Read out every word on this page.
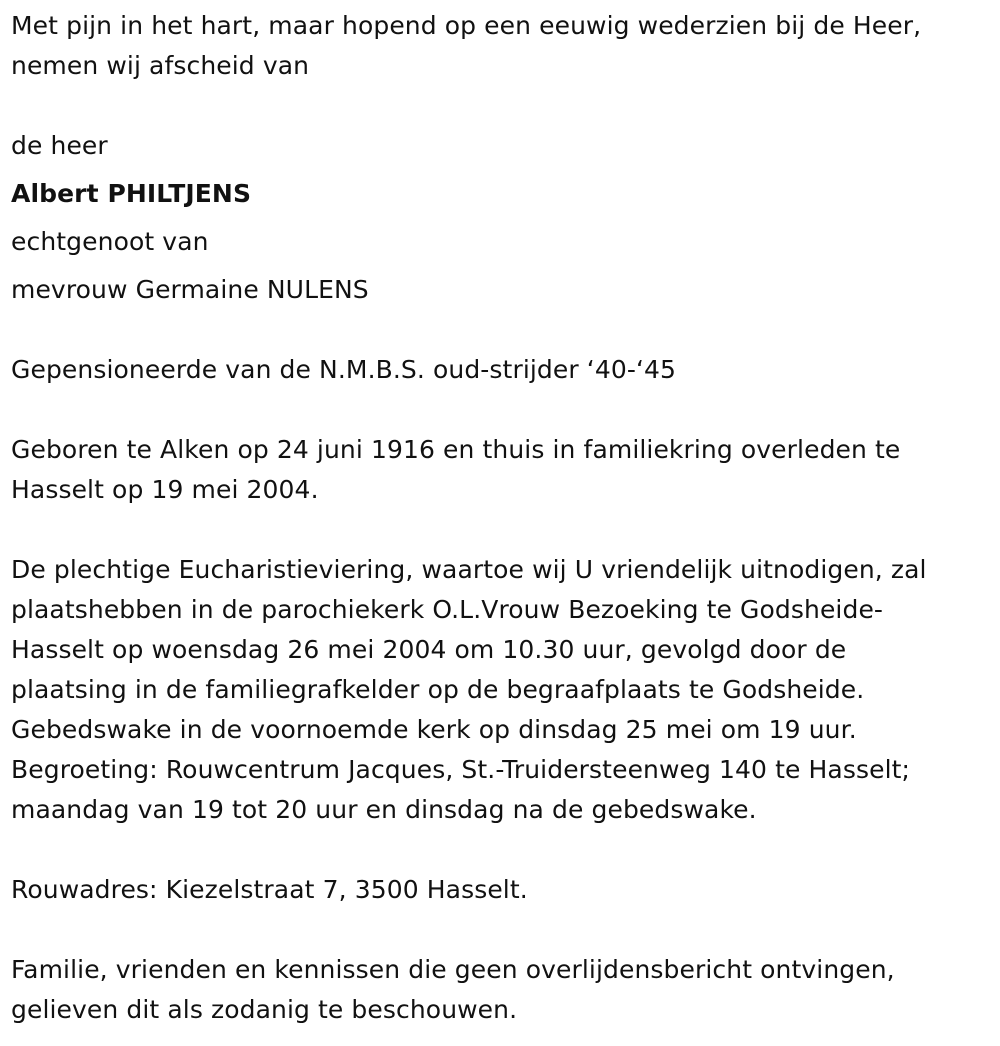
Met pijn in het hart, maar hopend op een eeuwig wederzien bij de Heer,
nemen wij afscheid van
de heer
Albert PHILTJENS
echtgenoot van
mevrouw Germaine NULENS
Gepensioneerde van de N.M.B.S. oud-strijder ‘40-‘45
Geboren te Alken op 24 juni 1916 en thuis in familiekring overleden te
Hasselt op 19 mei 2004.
De plechtige Eucharistieviering, waartoe wij U vriendelijk uitnodigen, zal
plaatshebben in de parochiekerk O.L.Vrouw Bezoeking te Godsheide-
Hasselt op woensdag 26 mei 2004 om 10.30 uur, gevolgd door de
plaatsing in de familiegrafkelder op de begraafplaats te Godsheide.
Gebedswake in de voornoemde kerk op dinsdag 25 mei om 19 uur.
Begroeting: Rouwcentrum Jacques, St.-Truidersteenweg 140 te Hasselt;
maandag van 19 tot 20 uur en dinsdag na de gebedswake.
Rouwadres: Kiezelstraat 7, 3500 Hasselt.
Familie, vrienden en kennissen die geen overlijdensbericht ontvingen,
gelieven dit als zodanig te beschouwen.
